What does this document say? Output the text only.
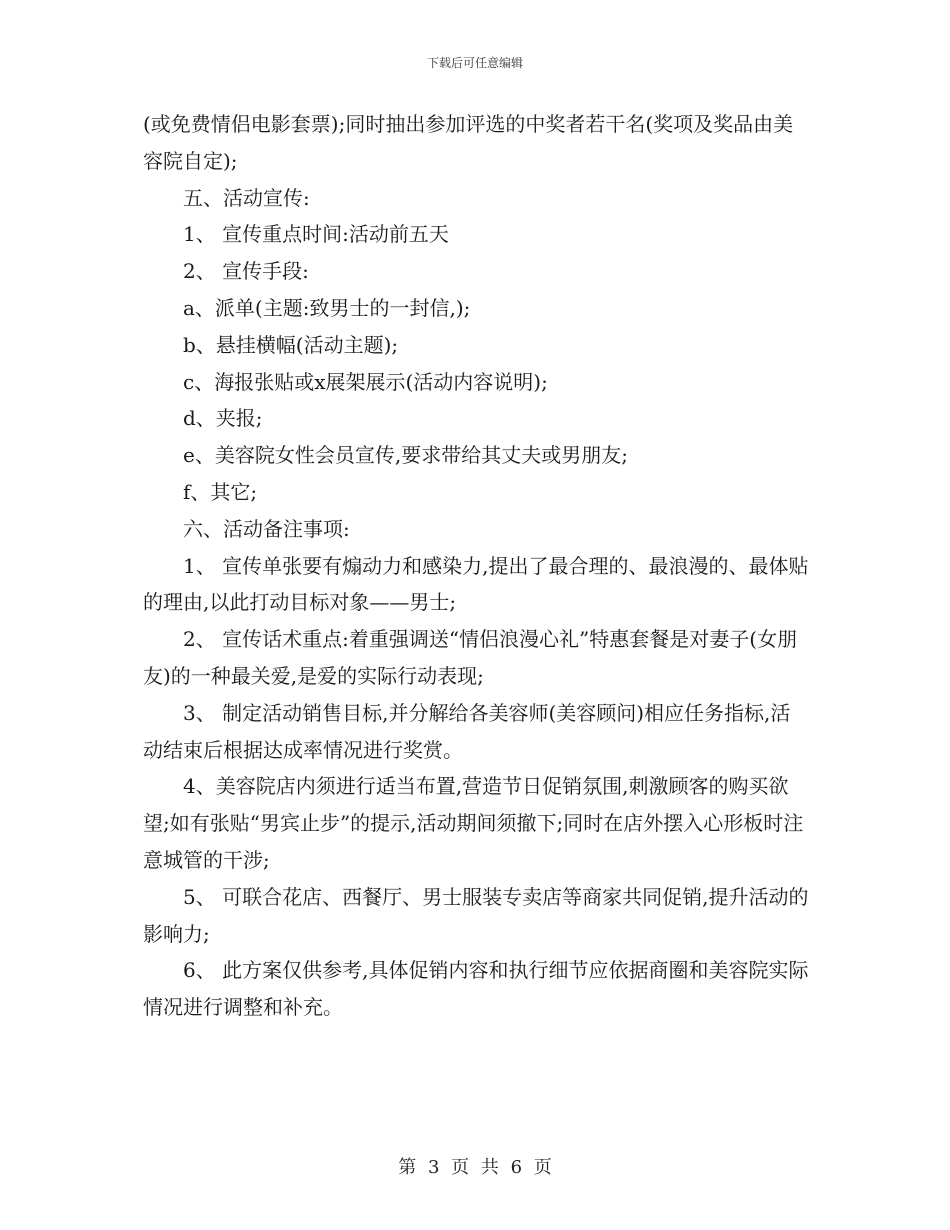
下载后可任意编辑

(或免费情侣电影套票);同时抽出参加评选的中奖者若干名(奖项及奖品由美容院自定);

五、活动宣传:

1、 宣传重点时间:活动前五天

2、 宣传手段:

a、派单(主题:致男士的一封信,);

b、悬挂横幅(活动主题);

c、海报张贴或x展架展示(活动内容说明);

d、夹报;

e、美容院女性会员宣传,要求带给其丈夫或男朋友;

f、其它;

六、活动备注事项:

1、 宣传单张要有煽动力和感染力,提出了最合理的、最浪漫的、最体贴的理由,以此打动目标对象——男士;

2、 宣传话术重点:着重强调送“情侣浪漫心礼”特惠套餐是对妻子(女朋友)的一种最关爱,是爱的实际行动表现;

3、 制定活动销售目标,并分解给各美容师(美容顾问)相应任务指标,活动结束后根据达成率情况进行奖赏。

4、美容院店内须进行适当布置,营造节日促销氛围,刺激顾客的购买欲望;如有张贴“男宾止步”的提示,活动期间须撤下;同时在店外摆入心形板时注意城管的干涉;

5、 可联合花店、西餐厅、男士服装专卖店等商家共同促销,提升活动的影响力;

6、 此方案仅供参考,具体促销内容和执行细节应依据商圈和美容院实际情况进行调整和补充。

第 3 页 共 6 页
